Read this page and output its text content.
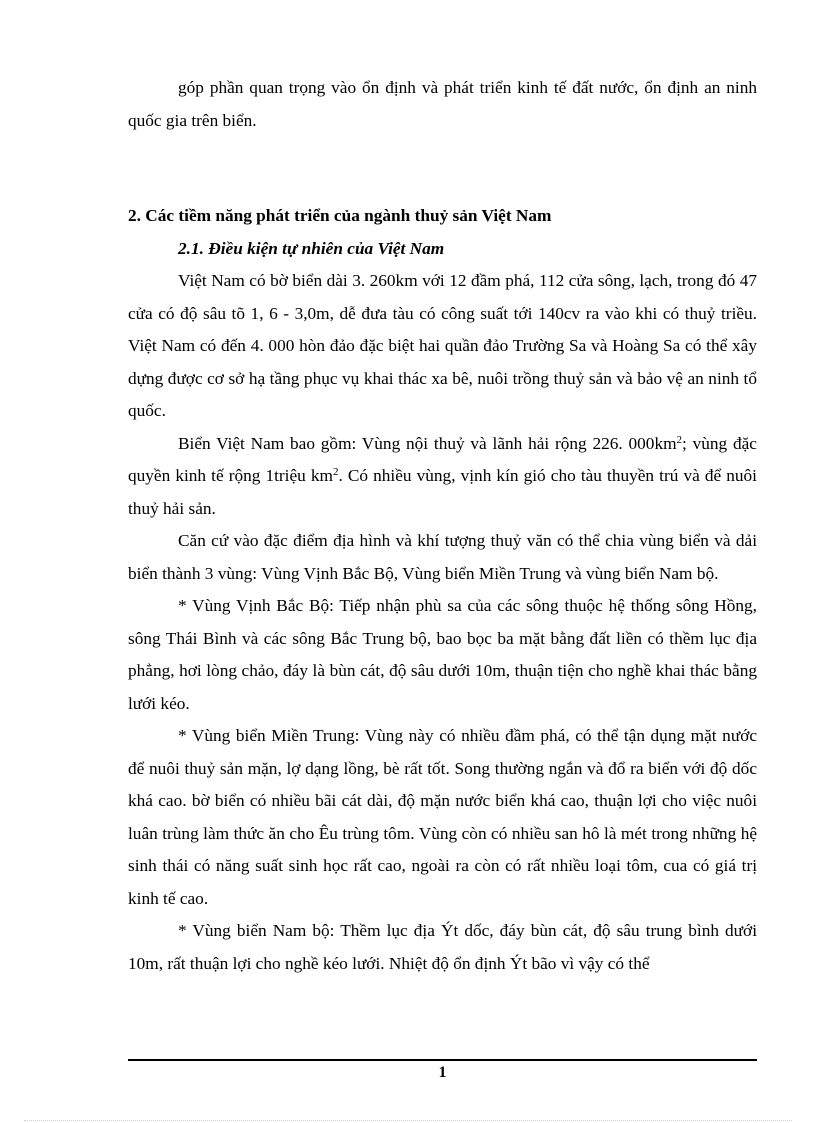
góp phần quan trọng vào ổn định và phát triển kinh tế đất nước, ổn định an ninh quốc gia trên biển.

2. Các tiềm năng phát triển của ngành thuỷ sản Việt Nam
2.1. Điều kiện tự nhiên của Việt Nam

Việt Nam có bờ biển dài 3. 260km với 12 đầm phá, 112 cửa sông, lạch, trong đó 47 cửa có độ sâu tõ 1, 6 - 3,0m, dễ đưa tàu có công suất tới 140cv ra vào khi có thuỷ triều. Việt Nam có đến 4. 000 hòn đảo đặc biệt hai quần đảo Trường Sa và Hoàng Sa có thể xây dựng được cơ sở hạ tầng phục vụ khai thác xa bê, nuôi trồng thuỷ sản và bảo vệ an ninh tổ quốc.

Biển Việt Nam bao gồm: Vùng nội thuỷ và lãnh hải rộng 226. $000km^2$; vùng đặc quyền kinh tế rộng 1triệu $km^2$. Có nhiều vùng, vịnh kín gió cho tàu thuyền trú và để nuôi thuỷ hải sản.

Căn cứ vào đặc điểm địa hình và khí tượng thuỷ văn có thể chia vùng biển và dải biển thành 3 vùng: Vùng Vịnh Bắc Bộ, Vùng biển Miền Trung và vùng biển Nam bộ.

* Vùng Vịnh Bắc Bộ: Tiếp nhận phù sa của các sông thuộc hệ thống sông Hồng, sông Thái Bình và các sông Bắc Trung bộ, bao bọc ba mặt bằng đất liền có thềm lục địa phẳng, hơi lòng chảo, đáy là bùn cát, độ sâu dưới 10m, thuận tiện cho nghề khai thác bằng lưới kéo.

* Vùng biển Miền Trung: Vùng này có nhiều đầm phá, có thể tận dụng mặt nước để nuôi thuỷ sản mặn, lợ dạng lồng, bè rất tốt. Song thường ngắn và đổ ra biển với độ dốc khá cao. bờ biển có nhiều bãi cát dài, độ mặn nước biển khá cao, thuận lợi cho việc nuôi luân trùng làm thức ăn cho Êu trùng tôm. Vùng còn có nhiều san hô là mét trong những hệ sinh thái có năng suất sinh học rất cao, ngoài ra còn có rất nhiều loại tôm, cua có giá trị kinh tế cao.

* Vùng biển Nam bộ: Thềm lục địa Ýt dốc, đáy bùn cát, độ sâu trung bình dưới 10m, rất thuận lợi cho nghề kéo lưới. Nhiệt độ ổn định Ýt bão vì vậy có thể

1
